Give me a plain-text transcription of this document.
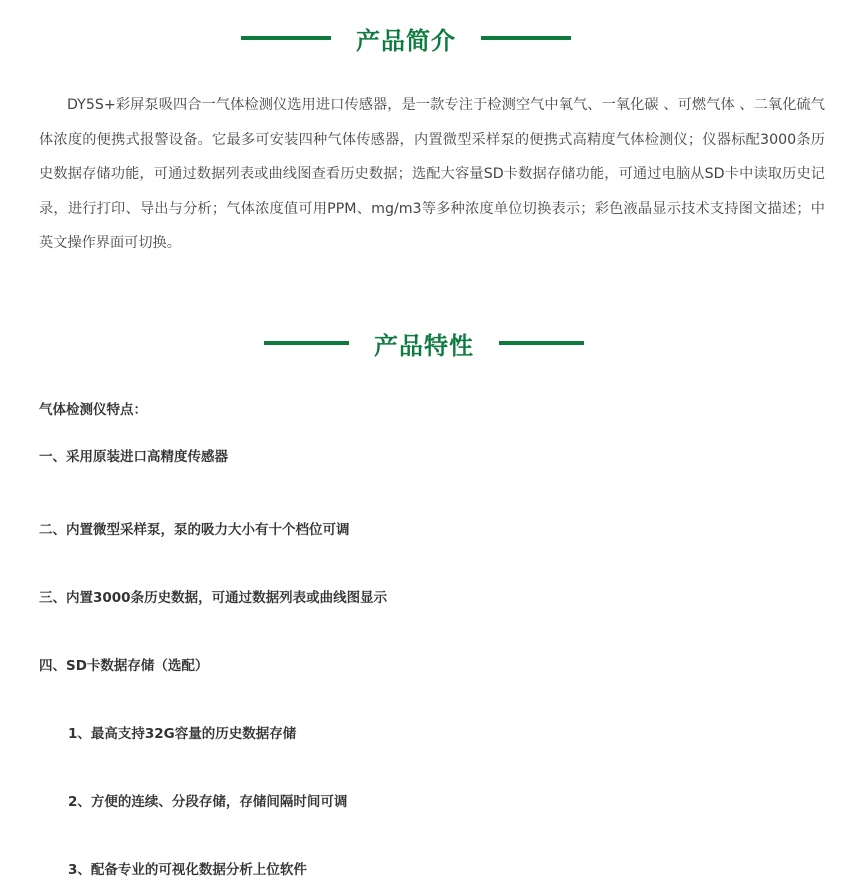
产品简介

DY5S+彩屏泵吸四合一气体检测仪选用进口传感器，是一款专注于检测空气中氧气、一氧化碳 、可燃气体 、二氧化硫气体浓度的便携式报警设备。它最多可安装四种气体传感器，内置微型采样泵的便携式高精度气体检测仪；仪器标配3000条历史数据存储功能，可通过数据列表或曲线图查看历史数据；选配大容量SD卡数据存储功能，可通过电脑从SD卡中读取历史记录，进行打印、导出与分析；气体浓度值可用PPM、mg/m3等多种浓度单位切换表示；彩色液晶显示技术支持图文描述；中英文操作界面可切换。

产品特性

气体检测仪特点：

一、采用原装进口高精度传感器

二、内置微型采样泵，泵的吸力大小有十个档位可调

三、内置3000条历史数据，可通过数据列表或曲线图显示

四、SD卡数据存储（选配）

1、最高支持32G容量的历史数据存储

2、方便的连续、分段存储，存储间隔时间可调

3、配备专业的可视化数据分析上位软件
